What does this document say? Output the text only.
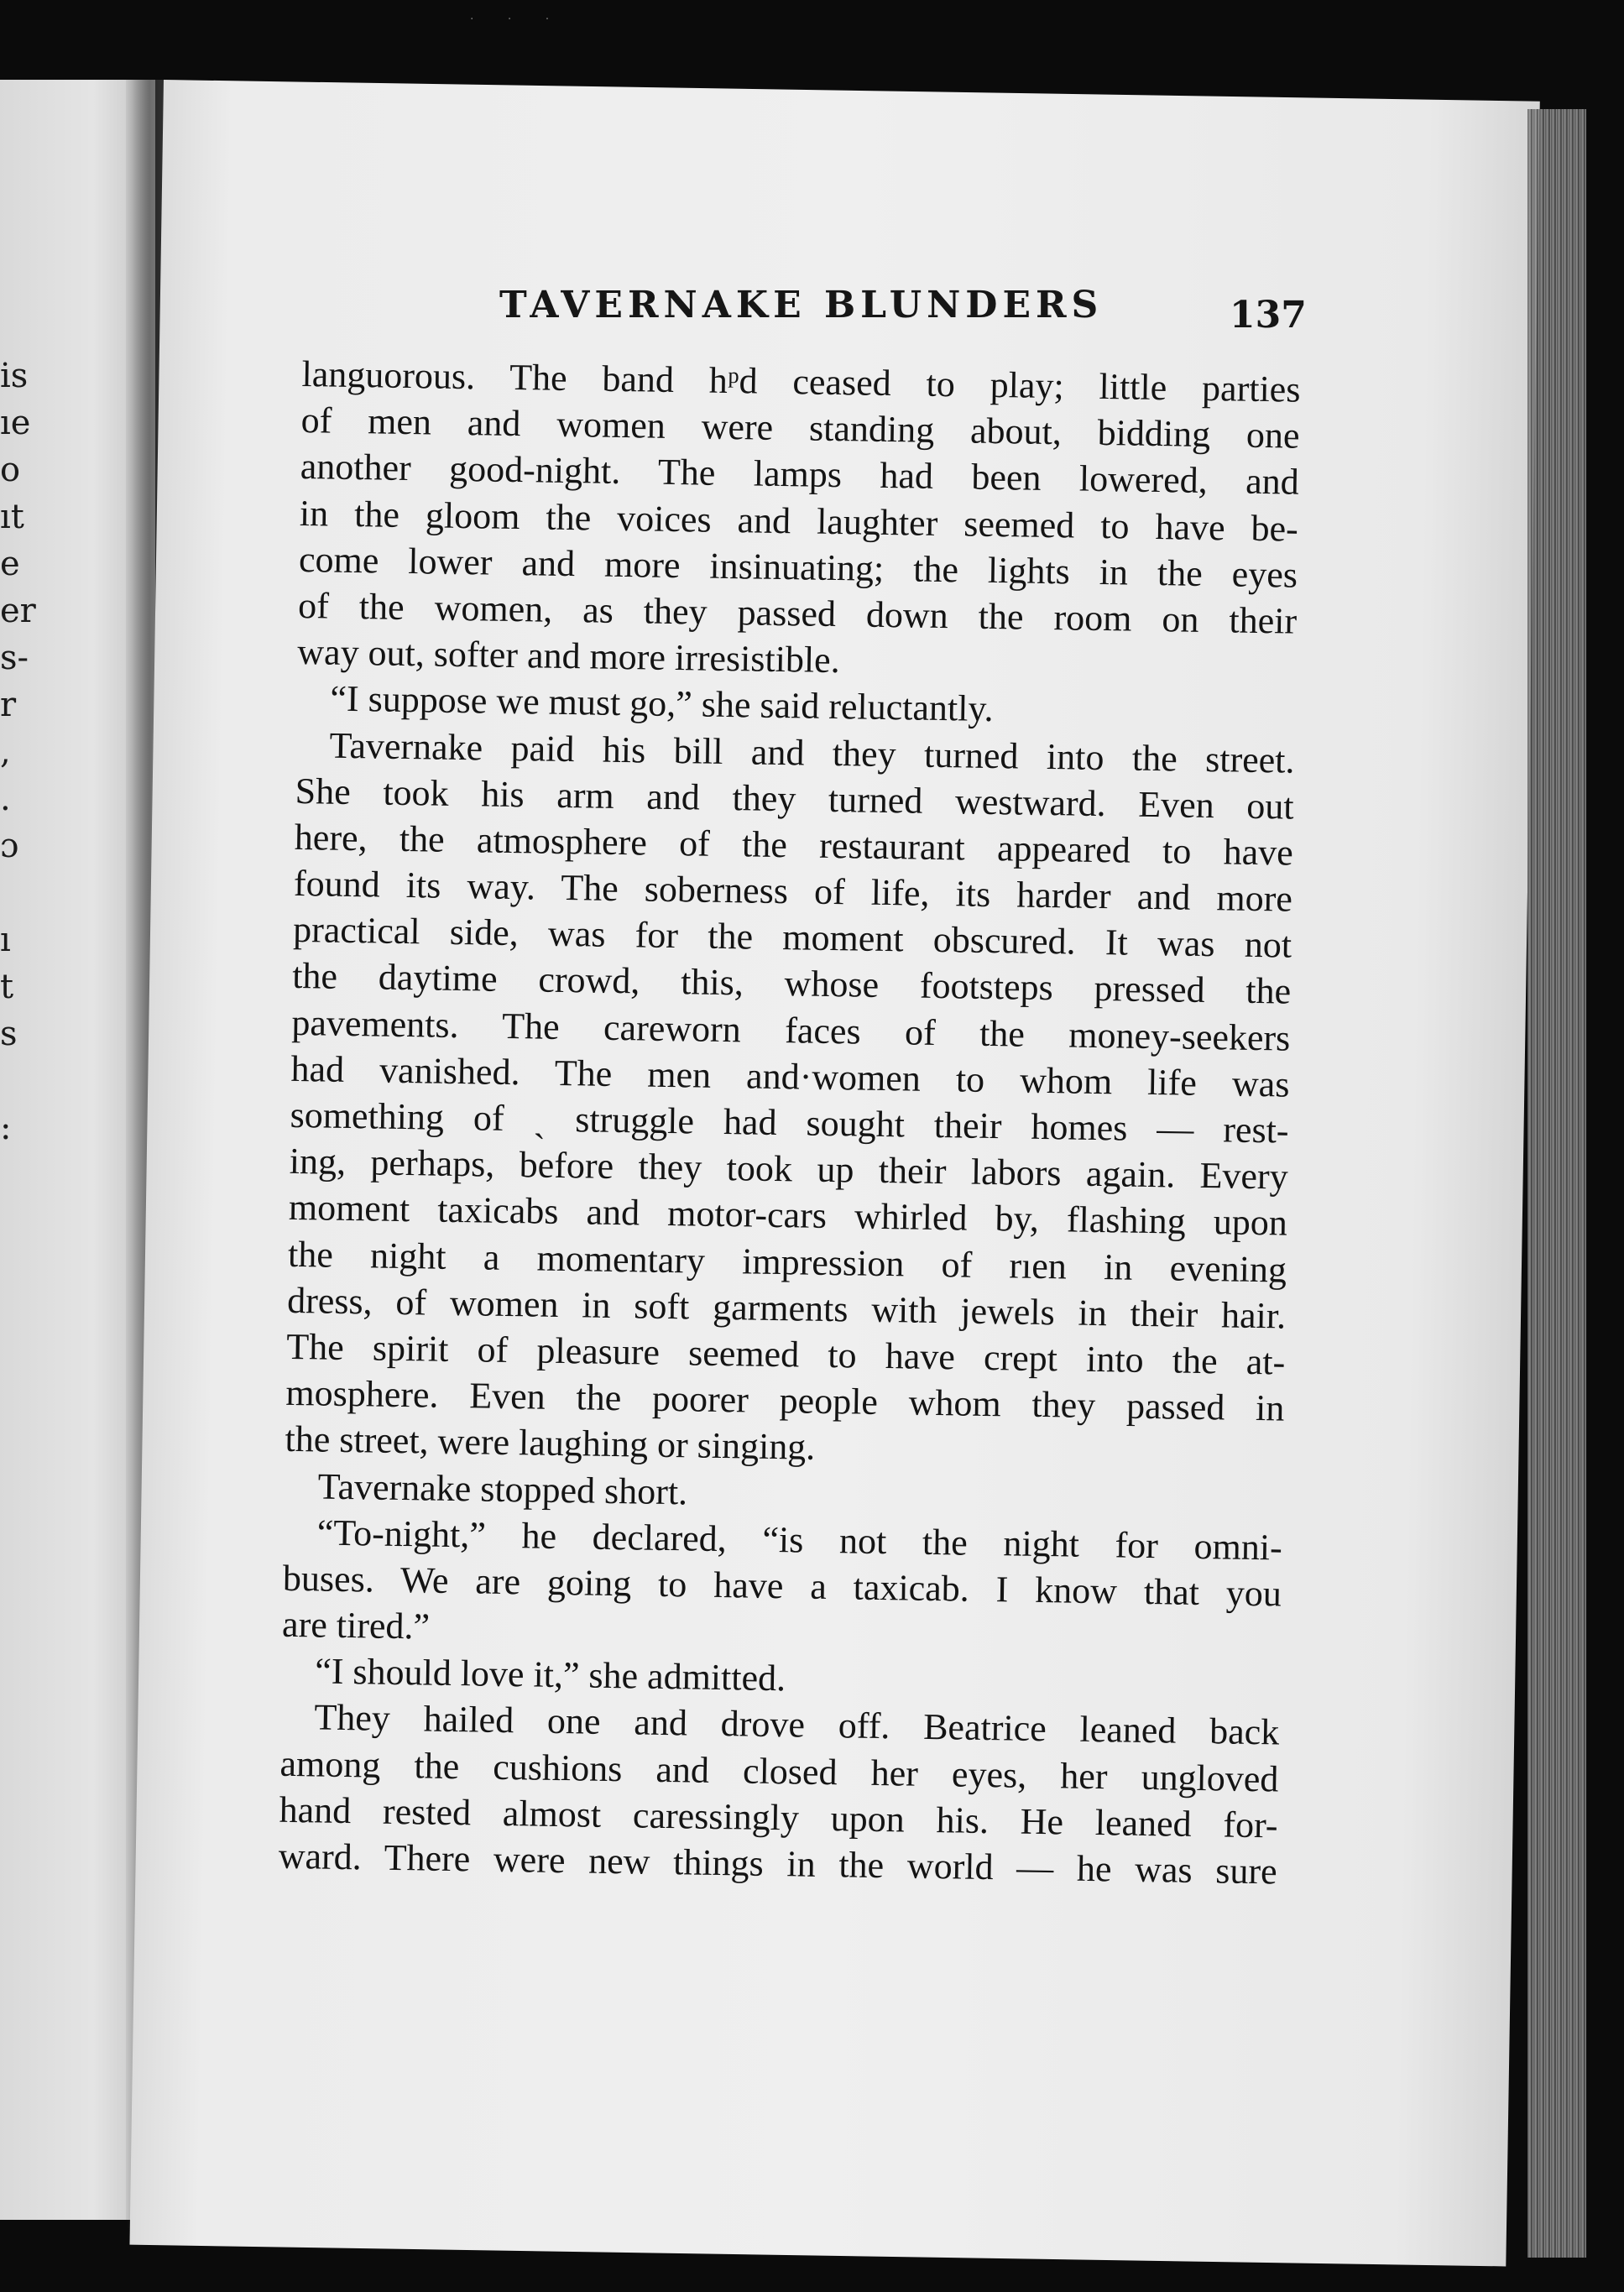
· · ·
is
ıe
o
ıt
e
er
s-
r
,
.
ɔ
ı
t
s
:
TAVERNAKE BLUNDERS	137
languorous. The band hᵖd ceased to play; little parties
of men and women were standing about, bidding one
another good-night. The lamps had been lowered, and
in the gloom the voices and laughter seemed to have be-
come lower and more insinuating; the lights in the eyes
of the women, as they passed down the room on their
way out, softer and more irresistible.
“I suppose we must go,” she said reluctantly.
Tavernake paid his bill and they turned into the street.
She took his arm and they turned westward. Even out
here, the atmosphere of the restaurant appeared to have
found its way. The soberness of life, its harder and more
practical side, was for the moment obscured. It was not
the daytime crowd, this, whose footsteps pressed the
pavements. The careworn faces of the money-seekers
had vanished. The men and·women to whom life was
something of ˎ struggle had sought their homes — rest-
ing, perhaps, before they took up their labors again. Every
moment taxicabs and motor-cars whirled by, flashing upon
the night a momentary impression of rıen in evening
dress, of women in soft garments with jewels in their hair.
The spirit of pleasure seemed to have crept into the at-
mosphere. Even the poorer people whom they passed in
the street, were laughing or singing.
Tavernake stopped short.
“To-night,” he declared, “is not the night for omni-
buses. We are going to have a taxicab. I know that you
are tired.”
“I should love it,” she admitted.
They hailed one and drove off. Beatrice leaned back
among the cushions and closed her eyes, her ungloved
hand rested almost caressingly upon his. He leaned for-
ward. There were new things in the world — he was sure
